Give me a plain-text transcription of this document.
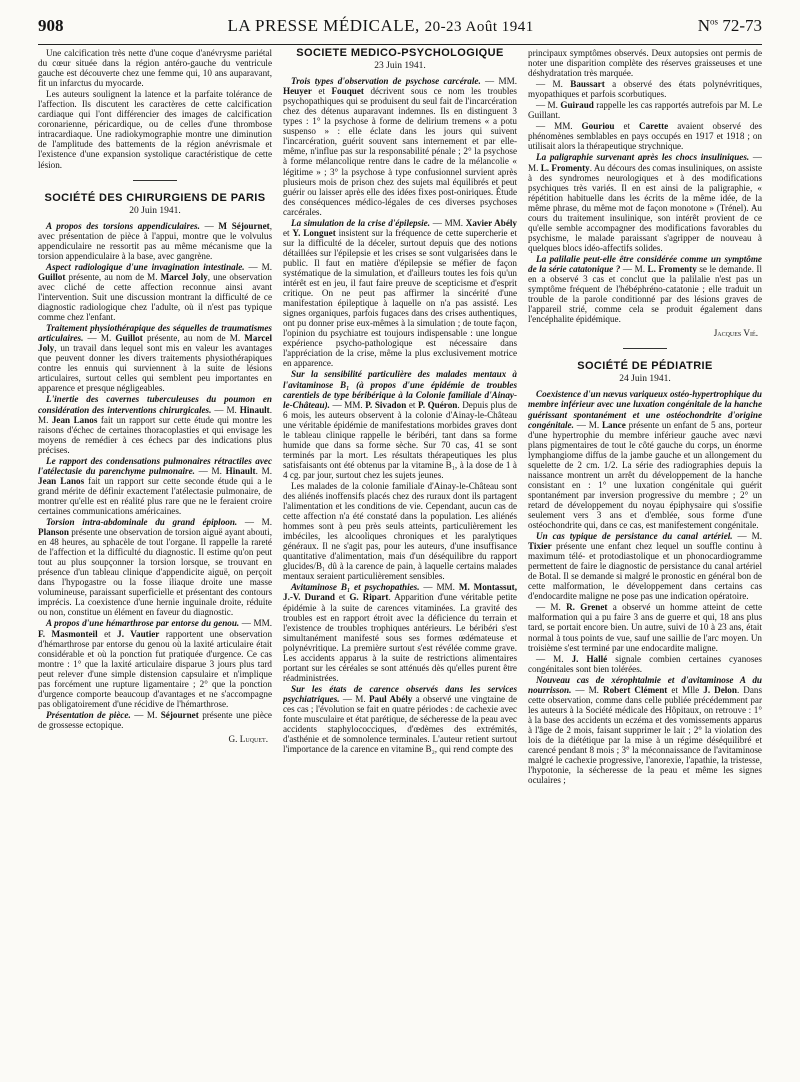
908	LA PRESSE MÉDICALE, 20-23 Août 1941	$N^{os}$ 72-73

Une calcification très nette d'une coque d'anévrysme pariétal du cœur située dans la région antéro-gauche du ventricule gauche est découverte chez une femme qui, 10 ans auparavant, fit un infarctus du myocarde.

Les auteurs soulignent la latence et la parfaite tolérance de l'affection. Ils discutent les caractères de cette calcification cardiaque qui l'ont différencier des images de calcification coronarienne, péricardique, ou de celles d'une thrombose intracardiaque. Une radiokymographie montre une diminution de l'amplitude des battements de la région anévrismale et l'existence d'une expansion systolique caractéristique de cette lésion.

SOCIÉTÉ DES CHIRURGIENS DE PARIS
20 Juin 1941.

A propos des torsions appendiculaires. — M Séjournet, avec présentation de pièce à l'appui, montre que le volvulus appendiculaire ne ressortit pas au même mécanisme que la torsion appendiculaire à la base, avec gangrène.

Aspect radiologique d'une invagination intestinale. — M. Guillot présente, au nom de M. Marcel Joly, une observation avec cliché de cette affection reconnue ainsi avant l'intervention. Suit une discussion montrant la difficulté de ce diagnostic radiologique chez l'adulte, où il n'est pas typique comme chez l'enfant.

Traitement physiothérapique des séquelles de traumatismes articulaires. — M. Guillot présente, au nom de M. Marcel Joly, un travail dans lequel sont mis en valeur les avantages que peuvent donner les divers traitements physiothérapiques contre les ennuis qui surviennent à la suite de lésions articulaires, surtout celles qui semblent peu importantes en apparence et presque négligeables.

L'inertie des cavernes tuberculeuses du poumon en considération des interventions chirurgicales. — M. Hinault. M. Jean Lanos fait un rapport sur cette étude qui montre les raisons d'échec de certaines thoracoplasties et qui envisage les moyens de remédier à ces échecs par des indications plus précises.

Le rapport des condensations pulmonaires rétractiles avec l'atélectasie du parenchyme pulmonaire. — M. Hinault. M. Jean Lanos fait un rapport sur cette seconde étude qui a le grand mérite de définir exactement l'atélectasie pulmonaire, de montrer qu'elle est en réalité plus rare que ne le feraient croire certaines communications américaines.

Torsion intra-abdominale du grand épiploon. — M. Planson présente une observation de torsion aiguë ayant abouti, en 48 heures, au sphacèle de tout l'organe. Il rappelle la rareté de l'affection et la difficulté du diagnostic. Il estime qu'on peut tout au plus soupçonner la torsion lorsque, se trouvant en présence d'un tableau clinique d'appendicite aiguë, on perçoit dans l'hypogastre ou la fosse iliaque droite une masse volumineuse, paraissant superficielle et présentant des contours imprécis. La coexistence d'une hernie inguinale droite, réduite ou non, constitue un élément en faveur du diagnostic.

A propos d'une hémarthrose par entorse du genou. — MM. F. Masmonteil et J. Vautier rapportent une observation d'hémarthrose par entorse du genou où la laxité articulaire était considérable et où la ponction fut pratiquée d'urgence. Ce cas montre : 1° que la laxité articulaire disparue 3 jours plus tard peut relever d'une simple distension capsulaire et n'implique pas forcément une rupture ligamentaire ; 2° que la ponction d'urgence comporte beaucoup d'avantages et ne s'accompagne pas obligatoirement d'une récidive de l'hémarthrose.

Présentation de pièce. — M. Séjournet présente une pièce de grossesse ectopique.

G. Luquet.
SOCIÉTÉ MÉDICO-PSYCHOLOGIQUE
23 Juin 1941.

Trois types d'observation de psychose carcérale. — MM. Heuyer et Fouquet décrivent sous ce nom les troubles psychopathiques qui se produisent du seul fait de l'incarcération chez des détenus auparavant indemnes. Ils en distinguent 3 types : 1° la psychose à forme de delirium tremens « a potu suspenso » : elle éclate dans les jours qui suivent l'incarcération, guérit souvent sans internement et par elle-même, n'influe pas sur la responsabilité pénale ; 2° la psychose à forme mélancolique rentre dans le cadre de la mélancolie « légitime » ; 3° la psychose à type confusionnel survient après plusieurs mois de prison chez des sujets mal équilibrés et peut guérir ou laisser après elle des idées fixes post-oniriques. Étude des conséquences médico-légales de ces diverses psychoses carcérales.

La simulation de la crise d'épilepsie. — MM. Xavier Abély et Y. Longuet insistent sur la fréquence de cette supercherie et sur la difficulté de la déceler, surtout depuis que des notions détaillées sur l'épilepsie et les crises se sont vulgarisées dans le public. Il faut en matière d'épilepsie se méfier de façon systématique de la simulation, et d'ailleurs toutes les fois qu'un intérêt est en jeu, il faut faire preuve de scepticisme et d'esprit critique. On ne peut pas affirmer la sincérité d'une manifestation épileptique à laquelle on n'a pas assisté. Les signes organiques, parfois fugaces dans des crises authentiques, ont pu donner prise eux-mêmes à la simulation ; de toute façon, l'opinion du psychiatre est toujours indispensable : une longue expérience psycho-pathologique est nécessaire dans l'appréciation de la crise, même la plus exclusivement motrice en apparence.

Sur la sensibilité particulière des malades mentaux à l'avitaminose B₁ (à propos d'une épidémie de troubles carentiels de type béribérique à la Colonie familiale d'Ainay-le-Château). — MM. P. Sivadon et P. Quéron. Depuis plus de 6 mois, les auteurs observent à la colonie d'Ainay-le-Château une véritable épidémie de manifestations morbides graves dont le tableau clinique rappelle le béribéri, tant dans sa forme humide que dans sa forme sèche. Sur 70 cas, 41 se sont terminés par la mort. Les résultats thérapeutiques les plus satisfaisants ont été obtenus par la vitamine B₁, à la dose de 1 à 4 cg. par jour, surtout chez les sujets jeunes.

Les malades de la colonie familiale d'Ainay-le-Château sont des aliénés inoffensifs placés chez des ruraux dont ils partagent l'alimentation et les conditions de vie. Cependant, aucun cas de cette affection n'a été constaté dans la population. Les aliénés hommes sont à peu près seuls atteints, particulièrement les imbéciles, les alcooliques chroniques et les paralytiques généraux. Il ne s'agit pas, pour les auteurs, d'une insuffisance quantitative d'alimentation, mais d'un déséquilibre du rapport glucides/B₁ dû à la carence de pain, à laquelle certains malades mentaux seraient particulièrement sensibles.

Avitaminose B₁ et psychopathies. — MM. M. Montassut, J.-V. Durand et G. Ripart. Apparition d'une véritable petite épidémie à la suite de carences vitaminées. La gravité des troubles est en rapport étroit avec la déficience du terrain et l'existence de troubles trophiques antérieurs. Le béribéri s'est simultanément manifesté sous ses formes œdémateuse et polynévritique. La première surtout s'est révélée comme grave. Les accidents apparus à la suite de restrictions alimentaires portant sur les céréales se sont atténués dès qu'elles purent être réadministrées.

Sur les états de carence observés dans les services psychiatriques. — M. Paul Abély a observé une vingtaine de ces cas ; l'évolution se fait en quatre périodes : de cachexie avec fonte musculaire et état parétique, de sécheresse de la peau avec accidents staphylococciques, d'œdèmes des extrémités, d'asthénie et de somnolence terminales. L'auteur retient surtout l'importance de la carence en vitamine B₂, qui rend compte des

principaux symptômes observés. Deux autopsies ont permis de noter une disparition complète des réserves graisseuses et une déshydratation très marquée.

— M. Baussart a observé des états polynévritiques, myopathiques et parfois scorbutiques.

— M. Guiraud rappelle les cas rapportés autrefois par M. Le Guillant.

— MM. Gouriou et Carette avaient observé des phénomènes semblables en pays occupés en 1917 et 1918 ; on utilisait alors la thérapeutique strychnique.

La paligraphie survenant après les chocs insuliniques. — M. L. Fromenty. Au décours des comas insuliniques, on assiste à des syndromes neurologiques et à des modifications psychiques très variés. Il en est ainsi de la paligraphie, « répétition habituelle dans les écrits de la même idée, de la même phrase, du même mot de façon monotone » (Trénel). Au cours du traitement insulinique, son intérêt provient de ce qu'elle semble accompagner des modifications favorables du psychisme, le malade paraissant s'agripper de nouveau à quelques blocs idéo-affectifs solides.

La palilalie peut-elle être considérée comme un symptôme de la série catatonique ? — M. L. Fromenty se le demande. Il en a observé 3 cas et conclut que la palilalie n'est pas un symptôme fréquent de l'hébéphréno-catatonie ; elle traduit un trouble de la parole conditionné par des lésions graves de l'appareil strié, comme cela se produit également dans l'encéphalite épidémique.

Jacques Vié.
SOCIÉTÉ DE PÉDIATRIE
24 Juin 1941.

Coexistence d'un nævus variqueux ostéo-hypertrophique du membre inférieur avec une luxation congénitale de la hanche guérissant spontanément et une ostéochondrite d'origine congénitale. — M. Lance présente un enfant de 5 ans, porteur d'une hypertrophie du membre inférieur gauche avec nævi plans pigmentaires de tout le côté gauche du corps, un énorme lymphangiome diffus de la jambe gauche et un allongement du squelette de 2 cm. 1/2. La série des radiographies depuis la naissance montrent un arrêt du développement de la hanche consistant en : 1° une luxation congénitale qui guérit spontanément par inversion progressive du membre ; 2° un retard de développement du noyau épiphysaire qui s'ossifie seulement vers 3 ans et d'emblée, sous forme d'une ostéochondrite qui, dans ce cas, est manifestement congénitale.

Un cas typique de persistance du canal artériel. — M. Tixier présente une enfant chez lequel un souffle continu à maximum télé- et protodiastolique et un phonocardiogramme permettent de faire le diagnostic de persistance du canal artériel de Botal. Il se demande si malgré le pronostic en général bon de cette malformation, le développement dans certains cas d'endocardite maligne ne pose pas une indication opératoire.

— M. R. Grenet a observé un homme atteint de cette malformation qui a pu faire 3 ans de guerre et qui, 18 ans plus tard, se portait encore bien. Un autre, suivi de 10 à 23 ans, était normal à tous points de vue, sauf une saillie de l'arc moyen. Un troisième s'est terminé par une endocardite maligne.

— M. J. Hallé signale combien certaines cyanoses congénitales sont bien tolérées.

Nouveau cas de xérophtalmie et d'avitaminose A du nourrisson. — M. Robert Clément et Mlle J. Delon. Dans cette observation, comme dans celle publiée précédemment par les auteurs à la Société médicale des Hôpitaux, on retrouve : 1° à la base des accidents un eczéma et des vomissements apparus à l'âge de 2 mois, faisant supprimer le lait ; 2° la violation des lois de la diététique par la mise à un régime déséquilibré et carencé pendant 8 mois ; 3° la méconnaissance de l'avitaminose malgré le cachexie progressive, l'anorexie, l'apathie, la tristesse, l'hypotonie, la sécheresse de la peau et même les signes oculaires ;
